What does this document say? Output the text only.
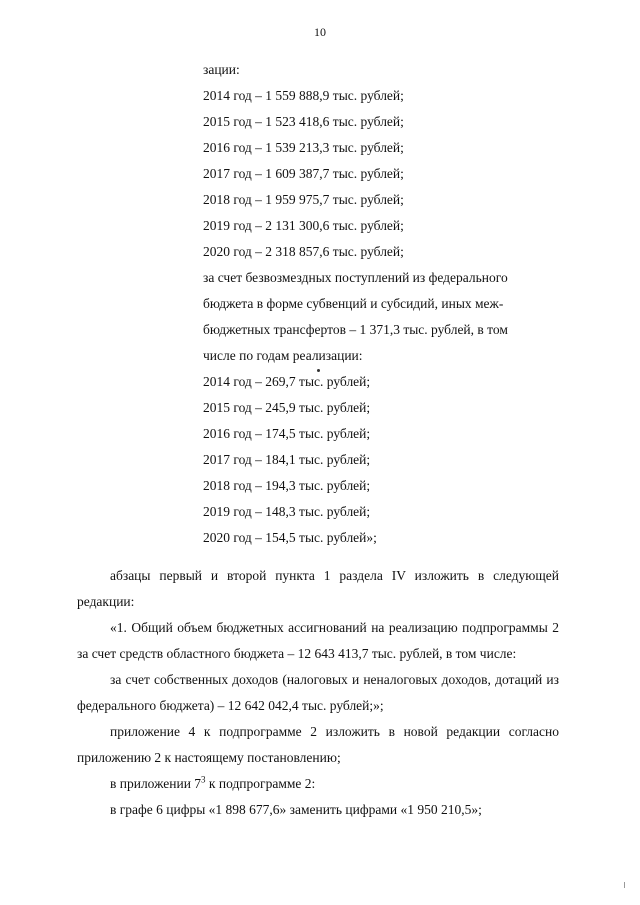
10
зации:
2014 год – 1 559 888,9 тыс. рублей;
2015 год – 1 523 418,6 тыс. рублей;
2016 год – 1 539 213,3 тыс. рублей;
2017 год – 1 609 387,7 тыс. рублей;
2018 год – 1 959 975,7 тыс. рублей;
2019 год – 2 131 300,6 тыс. рублей;
2020 год – 2 318 857,6 тыс. рублей;
за счет безвозмездных поступлений из федерального
бюджета в форме субвенций и субсидий, иных меж-
бюджетных трансфертов – 1 371,3 тыс. рублей, в том
числе по годам реализации:
2014 год – 269,7 тыс. рублей;
2015 год – 245,9 тыс. рублей;
2016 год – 174,5 тыс. рублей;
2017 год – 184,1 тыс. рублей;
2018 год – 194,3 тыс. рублей;
2019 год – 148,3 тыс. рублей;
2020 год – 154,5 тыс. рублей»;

абзацы первый и второй пункта 1 раздела IV изложить в следующей редакции:

«1. Общий объем бюджетных ассигнований на реализацию подпрограммы 2 за счет средств областного бюджета – 12 643 413,7 тыс. рублей, в том числе:

за счет собственных доходов (налоговых и неналоговых доходов, дотаций из федерального бюджета) – 12 642 042,4 тыс. рублей;»;

приложение 4 к подпрограмме 2 изложить в новой редакции согласно приложению 2 к настоящему постановлению;

в приложении $7^3$ к подпрограмме 2:

в графе 6 цифры «1 898 677,6» заменить цифрами «1 950 210,5»;
